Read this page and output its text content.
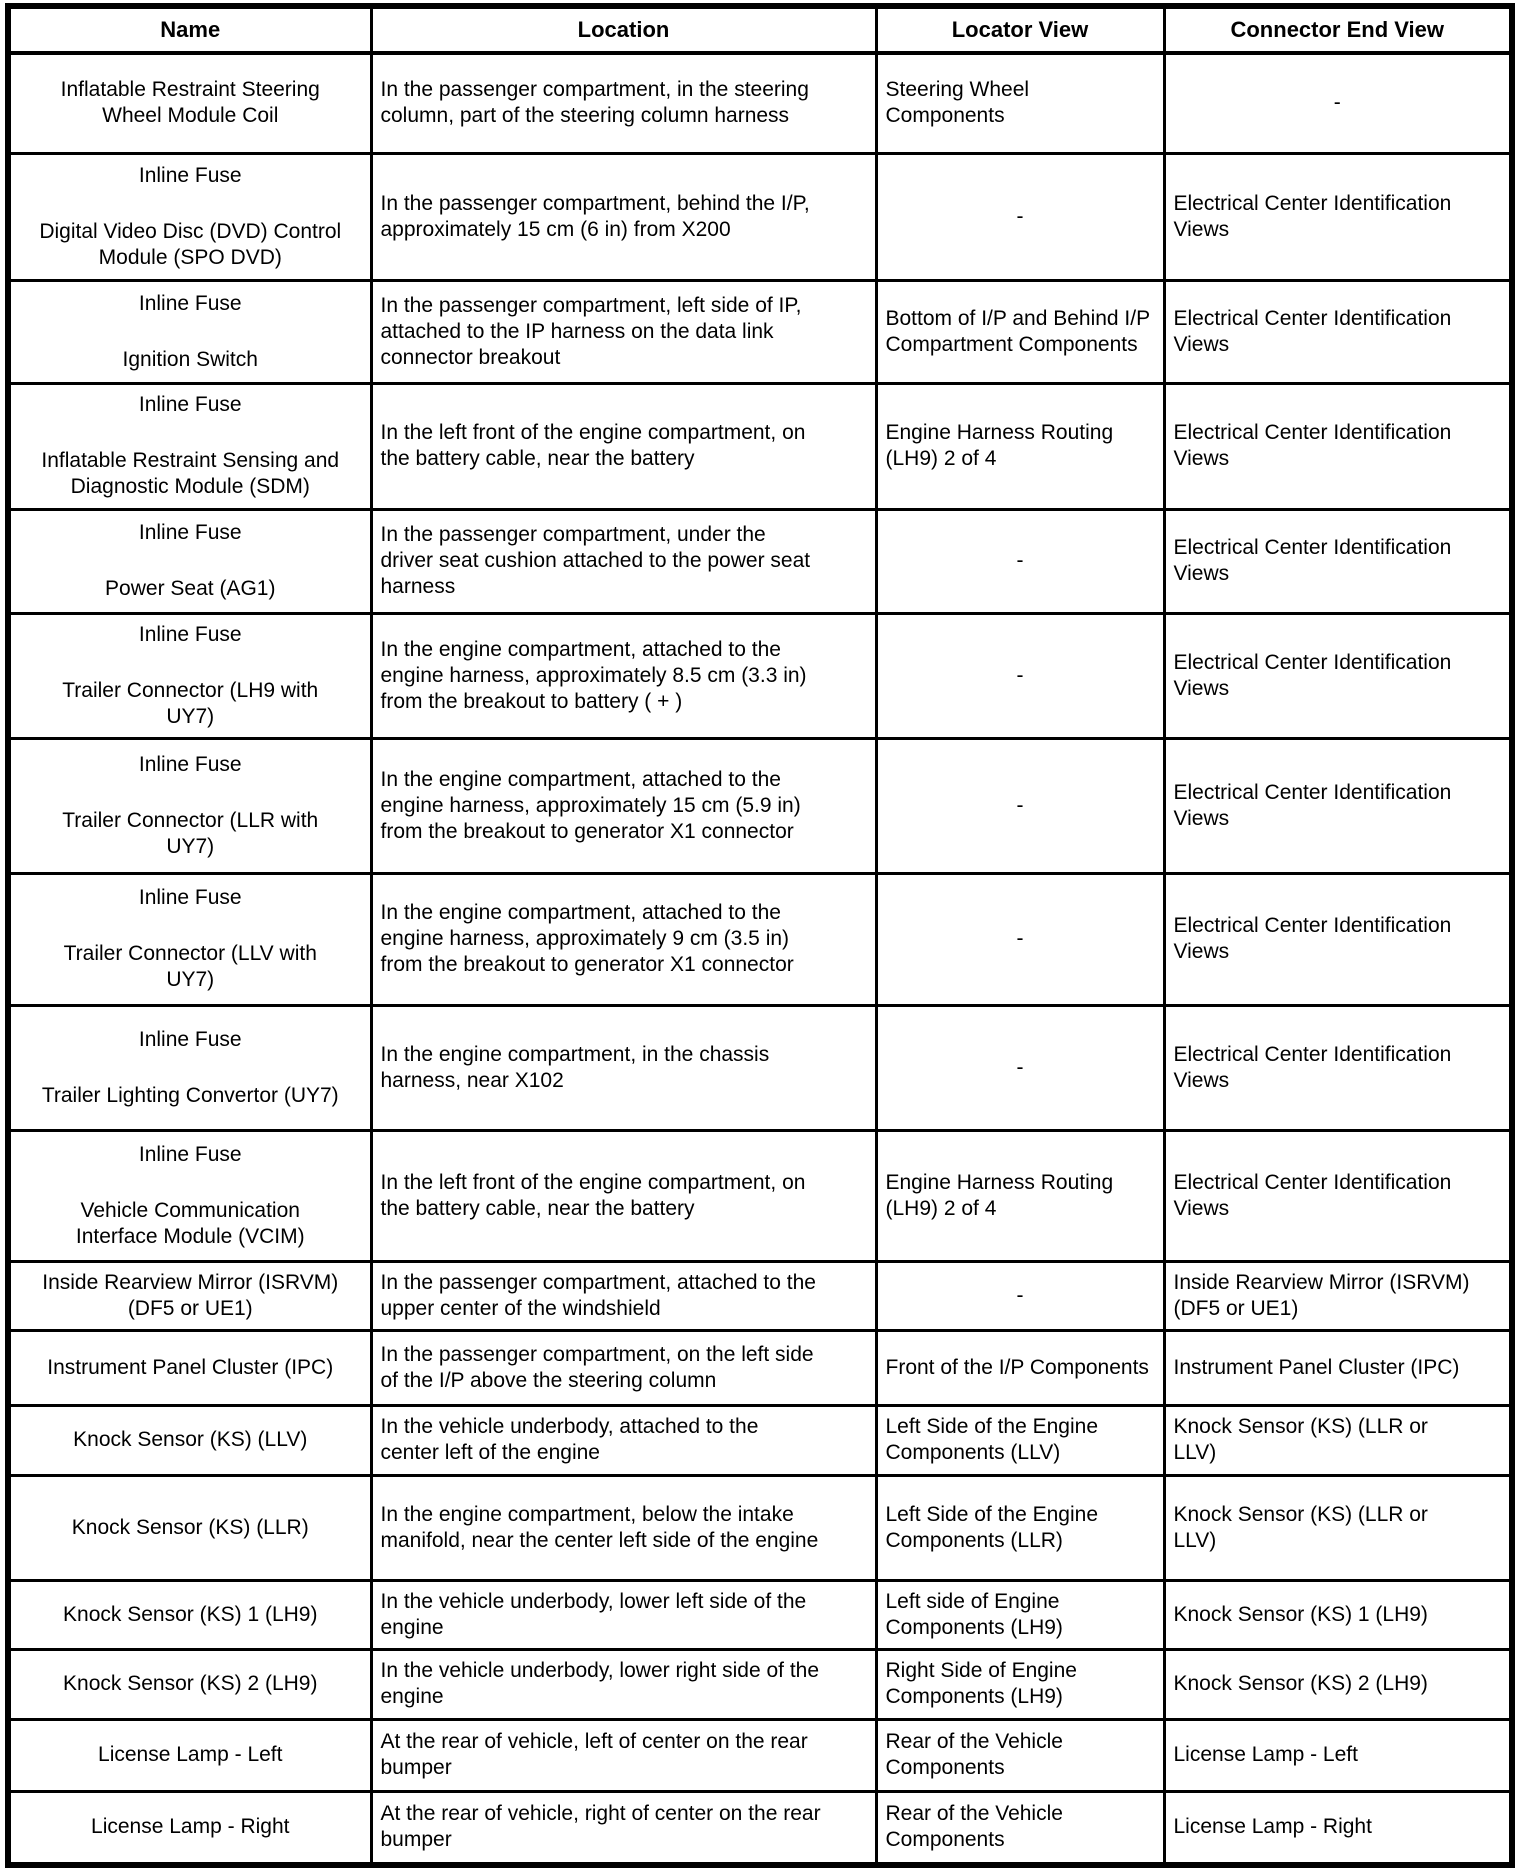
Name	Location	Locator View	Connector End View

Inflatable Restraint Steering Wheel Module Coil	In the passenger compartment, in the steering column, part of the steering column harness	Steering Wheel Components	-

Inline Fuse
Digital Video Disc (DVD) Control Module (SPO DVD)	In the passenger compartment, behind the I/P, approximately 15 cm (6 in) from X200	-	Electrical Center Identification Views

Inline Fuse
Ignition Switch	In the passenger compartment, left side of IP, attached to the IP harness on the data link connector breakout	Bottom of I/P and Behind I/P Compartment Components	Electrical Center Identification Views

Inline Fuse
Inflatable Restraint Sensing and Diagnostic Module (SDM)	In the left front of the engine compartment, on the battery cable, near the battery	Engine Harness Routing (LH9) 2 of 4	Electrical Center Identification Views

Inline Fuse
Power Seat (AG1)	In the passenger compartment, under the driver seat cushion attached to the power seat harness	-	Electrical Center Identification Views

Inline Fuse
Trailer Connector (LH9 with UY7)	In the engine compartment, attached to the engine harness, approximately 8.5 cm (3.3 in) from the breakout to battery ( + )	-	Electrical Center Identification Views

Inline Fuse
Trailer Connector (LLR with UY7)	In the engine compartment, attached to the engine harness, approximately 15 cm (5.9 in) from the breakout to generator X1 connector	-	Electrical Center Identification Views

Inline Fuse
Trailer Connector (LLV with UY7)	In the engine compartment, attached to the engine harness, approximately 9 cm (3.5 in) from the breakout to generator X1 connector	-	Electrical Center Identification Views

Inline Fuse
Trailer Lighting Convertor (UY7)	In the engine compartment, in the chassis harness, near X102	-	Electrical Center Identification Views

Inline Fuse
Vehicle Communication Interface Module (VCIM)	In the left front of the engine compartment, on the battery cable, near the battery	Engine Harness Routing (LH9) 2 of 4	Electrical Center Identification Views

Inside Rearview Mirror (ISRVM) (DF5 or UE1)	In the passenger compartment, attached to the upper center of the windshield	-	Inside Rearview Mirror (ISRVM) (DF5 or UE1)

Instrument Panel Cluster (IPC)	In the passenger compartment, on the left side of the I/P above the steering column	Front of the I/P Components	Instrument Panel Cluster (IPC)

Knock Sensor (KS) (LLV)	In the vehicle underbody, attached to the center left of the engine	Left Side of the Engine Components (LLV)	Knock Sensor (KS) (LLR or LLV)

Knock Sensor (KS) (LLR)	In the engine compartment, below the intake manifold, near the center left side of the engine	Left Side of the Engine Components (LLR)	Knock Sensor (KS) (LLR or LLV)

Knock Sensor (KS) 1 (LH9)	In the vehicle underbody, lower left side of the engine	Left side of Engine Components (LH9)	Knock Sensor (KS) 1 (LH9)

Knock Sensor (KS) 2 (LH9)	In the vehicle underbody, lower right side of the engine	Right Side of Engine Components (LH9)	Knock Sensor (KS) 2 (LH9)

License Lamp - Left	At the rear of vehicle, left of center on the rear bumper	Rear of the Vehicle Components	License Lamp - Left

License Lamp - Right	At the rear of vehicle, right of center on the rear bumper	Rear of the Vehicle Components	License Lamp - Right
